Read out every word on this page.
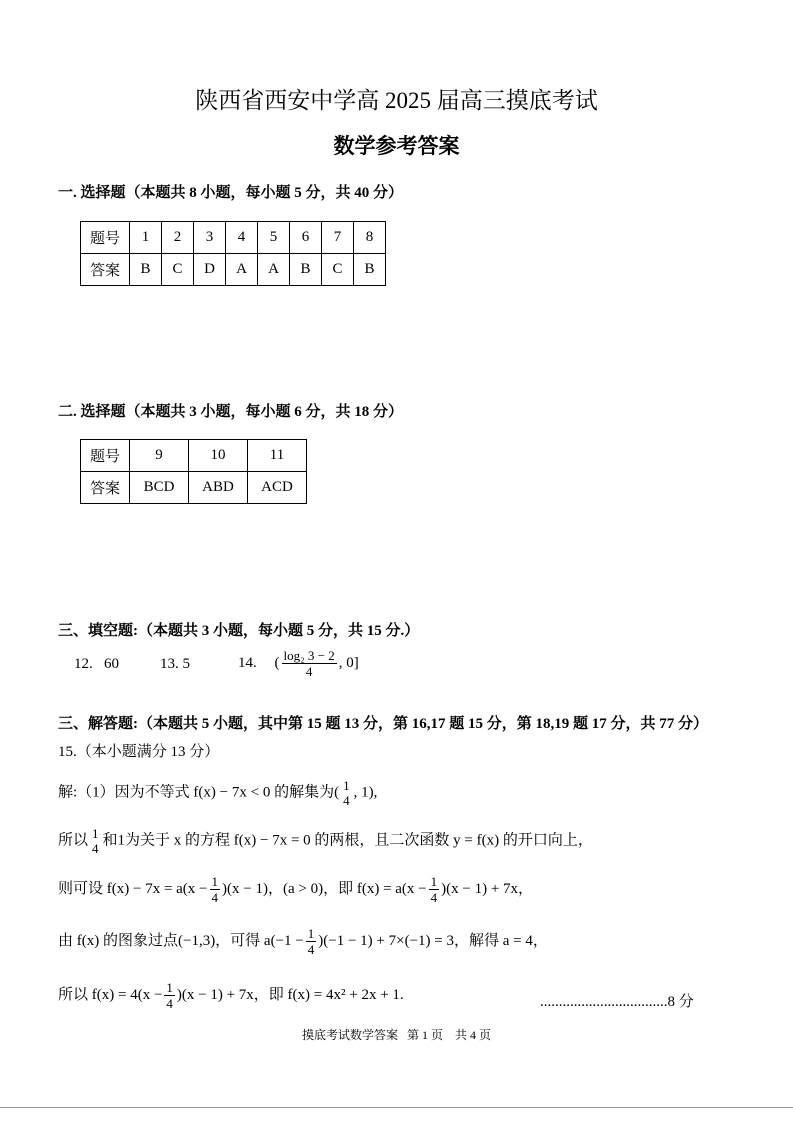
陕西省西安中学高 2025 届高三摸底考试
数学参考答案
一. 选择题（本题共 8 小题，每小题 5 分，共 40 分）
题号	1	2	3	4	5	6	7	8
答案	B	C	D	A	A	B	C	B
二. 选择题（本题共 3 小题，每小题 6 分，共 18 分）
题号	9	10	11
答案	BCD	ABD	ACD
三、填空题:（本题共 3 小题，每小题 5 分，共 15 分.）
12.   60	13. 5	14. ( $\frac{\text{log₂ 3 − 2}}{4}$ , 0]
三、解答题:（本题共 5 小题，其中第 15 题 13 分，第 16,17 题 15 分，第 18,19 题 17 分，共 77 分）
15.（本小题满分 13 分）
解:（1）因为不等式 f(x) − 7x < 0 的解集为( 1
4
, 1),
所以 1
4
和1为关于 x 的方程 f(x) − 7x = 0 的两根，且二次函数 y = f(x) 的开口向上，
则可设 $f(x) - 7x = a(x - \frac{1}{4} )(x - 1)$，(a > 0)，即 $f(x) = a(x - \frac{1}{4} )(x - 1) + 7x$，
由 f(x) 的图象过点(−1,3)，可得 $a(-1 - \frac{1}{4} )(-1 - 1) + 7\times(-1) = 3$，解得 a = 4，
所以 $f(x) = 4(x - \frac{1}{4} )(x - 1) + 7x$，即 f(x) = 4x² + 2x + 1.	..................................8 分
摸底考试数学答案   第 1 页    共 4 页
